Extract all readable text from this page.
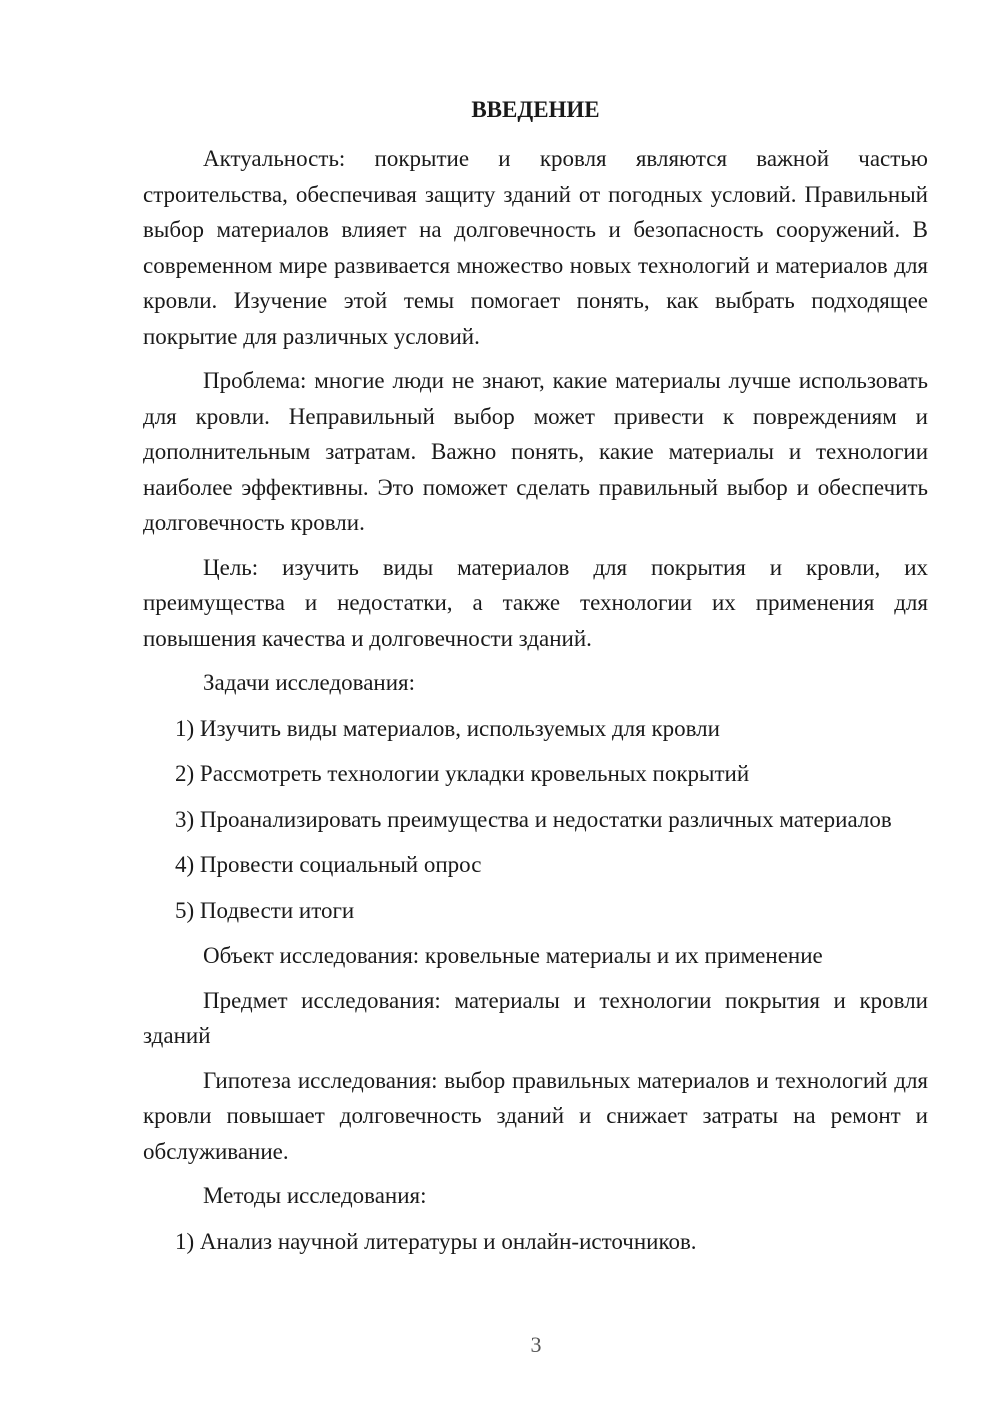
ВВЕДЕНИЕ

Актуальность: покрытие и кровля являются важной частью строительства, обеспечивая защиту зданий от погодных условий. Правильный выбор материалов влияет на долговечность и безопасность сооружений. В современном мире развивается множество новых технологий и материалов для кровли. Изучение этой темы помогает понять, как выбрать подходящее покрытие для различных условий.

Проблема: многие люди не знают, какие материалы лучше использовать для кровли. Неправильный выбор может привести к повреждениям и дополнительным затратам. Важно понять, какие материалы и технологии наиболее эффективны. Это поможет сделать правильный выбор и обеспечить долговечность кровли.

Цель: изучить виды материалов для покрытия и кровли, их преимущества и недостатки, а также технологии их применения для повышения качества и долговечности зданий.

Задачи исследования:

1) Изучить виды материалов, используемых для кровли

2) Рассмотреть технологии укладки кровельных покрытий

3) Проанализировать преимущества и недостатки различных материалов

4) Провести социальный опрос

5) Подвести итоги

Объект исследования: кровельные материалы и их применение

Предмет исследования: материалы и технологии покрытия и кровли зданий

Гипотеза исследования: выбор правильных материалов и технологий для кровли повышает долговечность зданий и снижает затраты на ремонт и обслуживание.

Методы исследования:

1) Анализ научной литературы и онлайн-источников.

3
